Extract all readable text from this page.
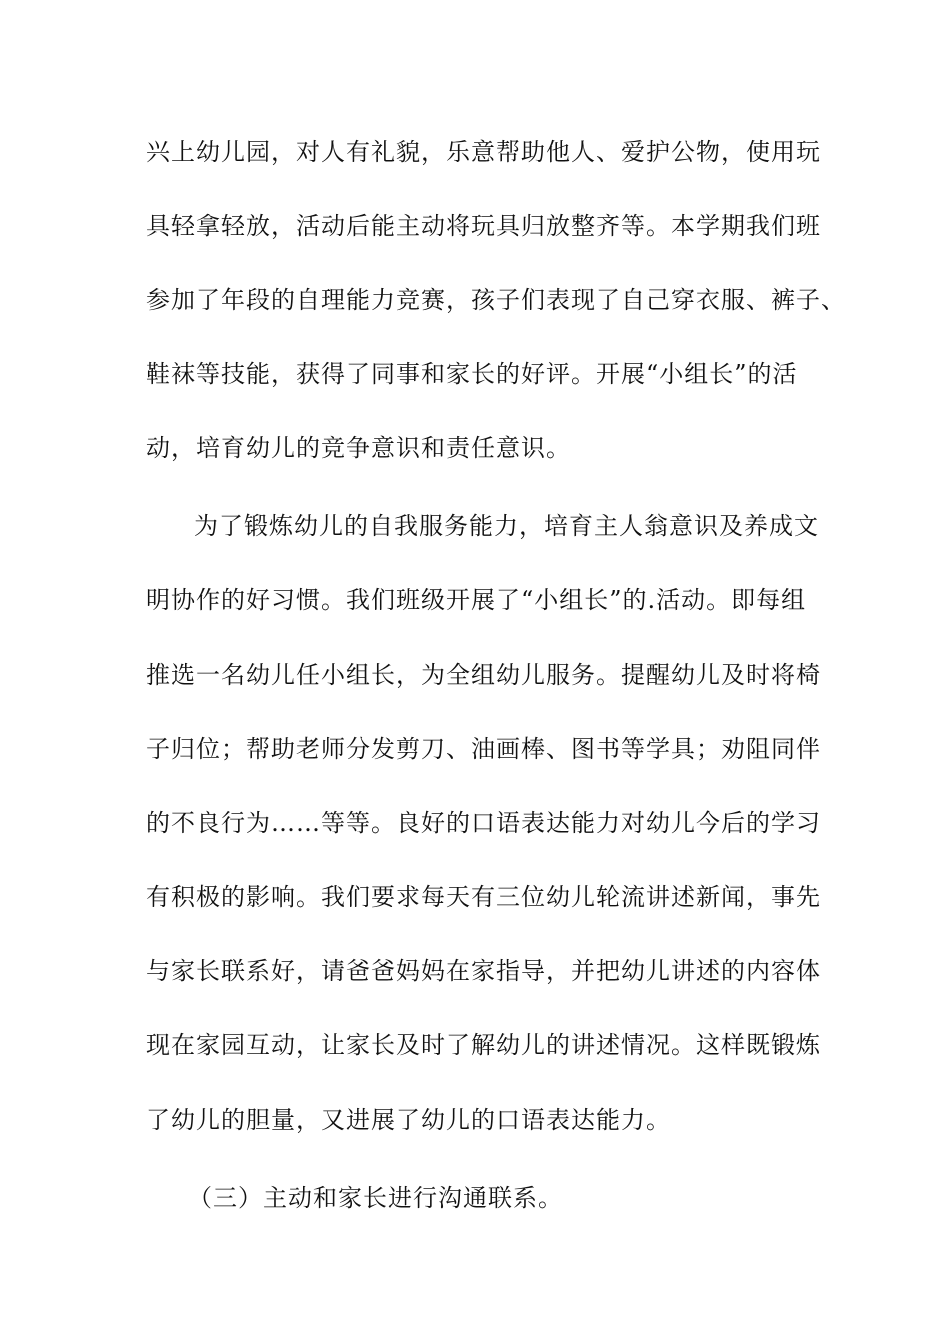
兴上幼儿园，对人有礼貌，乐意帮助他人、爱护公物，使用玩
具轻拿轻放，活动后能主动将玩具归放整齐等。本学期我们班
参加了年段的自理能力竞赛，孩子们表现了自己穿衣服、裤子、
鞋袜等技能，获得了同事和家长的好评。开展“小组长”的活
动，培育幼儿的竞争意识和责任意识。
为了锻炼幼儿的自我服务能力，培育主人翁意识及养成文
明协作的好习惯。我们班级开展了“小组长”的.活动。即每组
推选一名幼儿任小组长，为全组幼儿服务。提醒幼儿及时将椅
子归位；帮助老师分发剪刀、油画棒、图书等学具；劝阻同伴
的不良行为……等等。良好的口语表达能力对幼儿今后的学习
有积极的影响。我们要求每天有三位幼儿轮流讲述新闻，事先
与家长联系好，请爸爸妈妈在家指导，并把幼儿讲述的内容体
现在家园互动，让家长及时了解幼儿的讲述情况。这样既锻炼
了幼儿的胆量，又进展了幼儿的口语表达能力。
（三）主动和家长进行沟通联系。
